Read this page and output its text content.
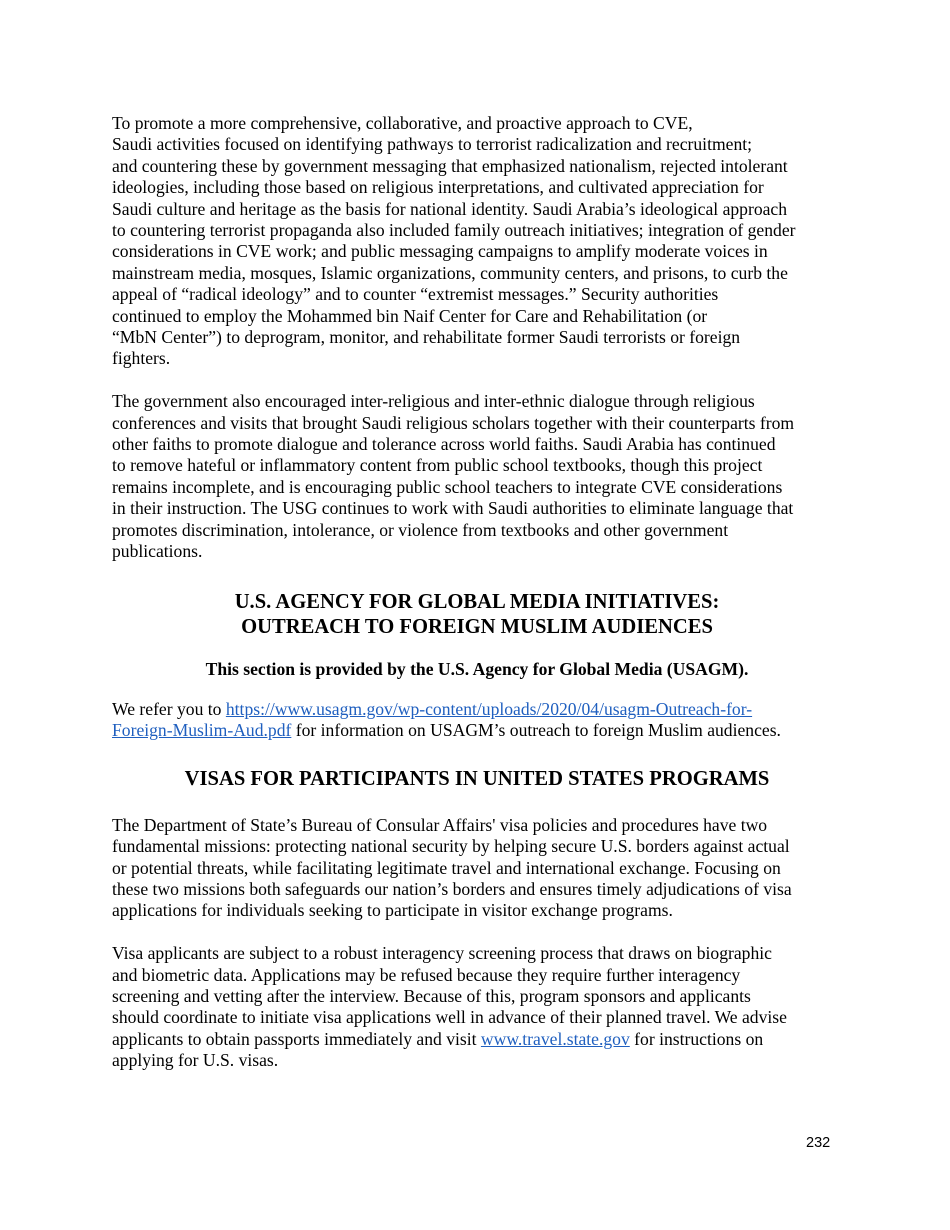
To promote a more comprehensive, collaborative, and proactive approach to CVE,
Saudi activities focused on identifying pathways to terrorist radicalization and recruitment;
and countering these by government messaging that emphasized nationalism, rejected intolerant
ideologies, including those based on religious interpretations, and cultivated appreciation for
Saudi culture and heritage as the basis for national identity. Saudi Arabia’s ideological approach
to countering terrorist propaganda also included family outreach initiatives; integration of gender
considerations in CVE work; and public messaging campaigns to amplify moderate voices in
mainstream media, mosques, Islamic organizations, community centers, and prisons, to curb the
appeal of “radical ideology” and to counter “extremist messages.” Security authorities
continued to employ the Mohammed bin Naif Center for Care and Rehabilitation (or
“MbN Center”) to deprogram, monitor, and rehabilitate former Saudi terrorists or foreign
fighters.

The government also encouraged inter-religious and inter-ethnic dialogue through religious
conferences and visits that brought Saudi religious scholars together with their counterparts from
other faiths to promote dialogue and tolerance across world faiths. Saudi Arabia has continued
to remove hateful or inflammatory content from public school textbooks, though this project
remains incomplete, and is encouraging public school teachers to integrate CVE considerations
in their instruction. The USG continues to work with Saudi authorities to eliminate language that
promotes discrimination, intolerance, or violence from textbooks and other government
publications.

U.S. AGENCY FOR GLOBAL MEDIA INITIATIVES:
OUTREACH TO FOREIGN MUSLIM AUDIENCES

This section is provided by the U.S. Agency for Global Media (USAGM).

We refer you to https://www.usagm.gov/wp-content/uploads/2020/04/usagm-Outreach-for-
Foreign-Muslim-Aud.pdf for information on USAGM’s outreach to foreign Muslim audiences.

VISAS FOR PARTICIPANTS IN UNITED STATES PROGRAMS

The Department of State’s Bureau of Consular Affairs' visa policies and procedures have two
fundamental missions: protecting national security by helping secure U.S. borders against actual
or potential threats, while facilitating legitimate travel and international exchange. Focusing on
these two missions both safeguards our nation’s borders and ensures timely adjudications of visa
applications for individuals seeking to participate in visitor exchange programs.

Visa applicants are subject to a robust interagency screening process that draws on biographic
and biometric data. Applications may be refused because they require further interagency
screening and vetting after the interview. Because of this, program sponsors and applicants
should coordinate to initiate visa applications well in advance of their planned travel. We advise
applicants to obtain passports immediately and visit www.travel.state.gov for instructions on
applying for U.S. visas.

232
